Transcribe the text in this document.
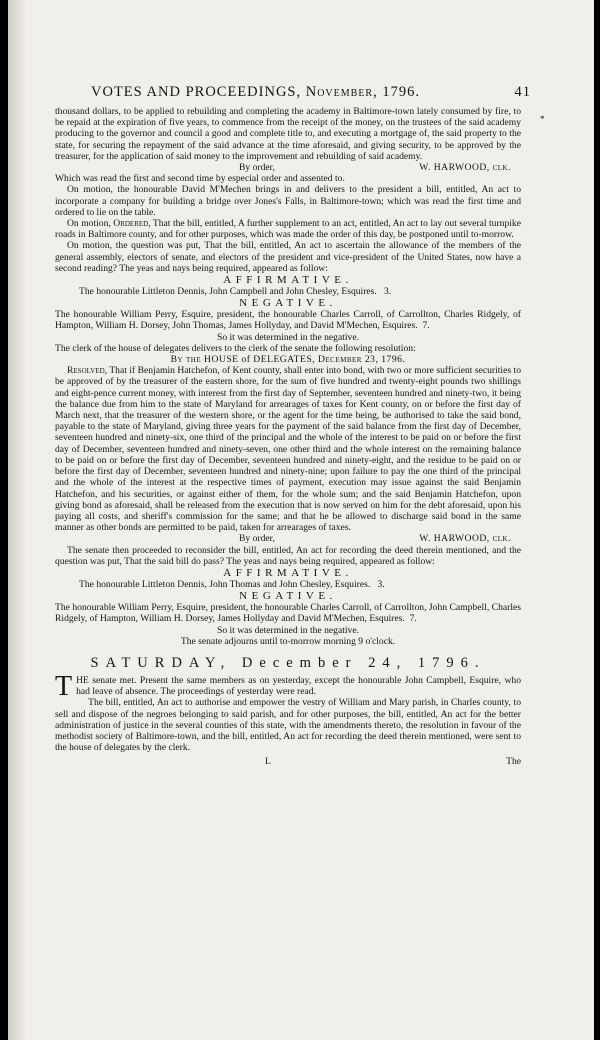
VOTES AND PROCEEDINGS, November, 1796.	41
*

thousand dollars, to be applied to rebuilding and completing the academy in Baltimore-town lately consumed by fire, to be repaid at the expiration of five years, to commence from the receipt of the money, on the trustees of the said academy producing to the governor and council a good and complete title to, and executing a mortgage of, the said property to the state, for securing the repayment of the said advance at the time aforesaid, and giving security, to be approved by the treasurer, for the application of said money to the improvement and rebuilding of said academy.

By order,	W. HARWOOD, clk.

Which was read the first and second time by especial order and assented to.

On motion, the honourable David M'Mechen brings in and delivers to the president a bill, entitled, An act to incorporate a company for building a bridge over Jones's Falls, in Baltimore-town; which was read the first time and ordered to lie on the table.

On motion, Ordered, That the bill, entitled, A further supplement to an act, entitled, An act to lay out several turnpike roads in Baltimore county, and for other purposes, which was made the order of this day, be postponed until to-morrow.

On motion, the question was put, That the bill, entitled, An act to ascertain the allowance of the members of the general assembly, electors of senate, and electors of the president and vice-president of the United States, now have a second reading? The yeas and nays being required, appeared as follow:

AFFIRMATIVE.

The honourable Littleton Dennis, John Campbell and John Chesley, Esquires. 3.

NEGATIVE.

The honourable William Perry, Esquire, president, the honourable Charles Carroll, of Carrollton, Charles Ridgely, of Hampton, William H. Dorsey, John Thomas, James Hollyday, and David M'Mechen, Esquires. 7.

So it was determined in the negative.

The clerk of the house of delegates delivers to the clerk of the senate the following resolution:

By the HOUSE of DELEGATES, December 23, 1796.

Resolved, That if Benjamin Hatchefon, of Kent county, shall enter into bond, with two or more sufficient securities to be approved of by the treasurer of the eastern shore, for the sum of five hundred and twenty-eight pounds two shillings and eight-pence current money, with interest from the first day of September, seventeen hundred and ninety-two, it being the balance due from him to the state of Maryland for arrearages of taxes for Kent county, on or before the first day of March next, that the treasurer of the western shore, or the agent for the time being, be authorised to take the said bond, payable to the state of Maryland, giving three years for the payment of the said balance from the first day of December, seventeen hundred and ninety-six, one third of the principal and the whole of the interest to be paid on or before the first day of December, seventeen hundred and ninety-seven, one other third and the whole interest on the remaining balance to be paid on or before the first day of December, seventeen hundred and ninety-eight, and the residue to be paid on or before the first day of December, seventeen hundred and ninety-nine; upon failure to pay the one third of the principal and the whole of the interest at the respective times of payment, execution may issue against the said Benjamin Hatchefon, and his securities, or against either of them, for the whole sum; and the said Benjamin Hatchefon, upon giving bond as aforesaid, shall be released from the execution that is now served on him for the debt aforesaid, upon his paying all costs, and sheriff's commission for the same; and that he be allowed to discharge said bond in the same manner as other bonds are permitted to be paid, taken for arrearages of taxes.

By order,	W. HARWOOD, clk.

The senate then proceeded to reconsider the bill, entitled, An act for recording the deed therein mentioned, and the question was put, That the said bill do pass? The yeas and nays being required, appeared as follow:

AFFIRMATIVE.

The honourable Littleton Dennis, John Thomas and John Chesley, Esquires. 3.

NEGATIVE.

The honourable William Perry, Esquire, president, the honourable Charles Carroll, of Carrollton, John Campbell, Charles Ridgely, of Hampton, William H. Dorsey, James Hollyday and David M'Mechen, Esquires. 7.

So it was determined in the negative.

The senate adjourns until to-morrow morning 9 o'clock.

SATURDAY, December 24, 1796.

THE senate met. Present the same members as on yesterday, except the honourable John Campbell, Esquire, who had leave of absence. The proceedings of yesterday were read.

The bill, entitled, An act to authorise and empower the vestry of William and Mary parish, in Charles county, to sell and dispose of the negroes belonging to said parish, and for other purposes, the bill, entitled, An act for the better administration of justice in the several counties of this state, with the amendments thereto, the resolution in favour of the methodist society of Baltimore-town, and the bill, entitled, An act for recording the deed therein mentioned, were sent to the house of delegates by the clerk.

L	The
